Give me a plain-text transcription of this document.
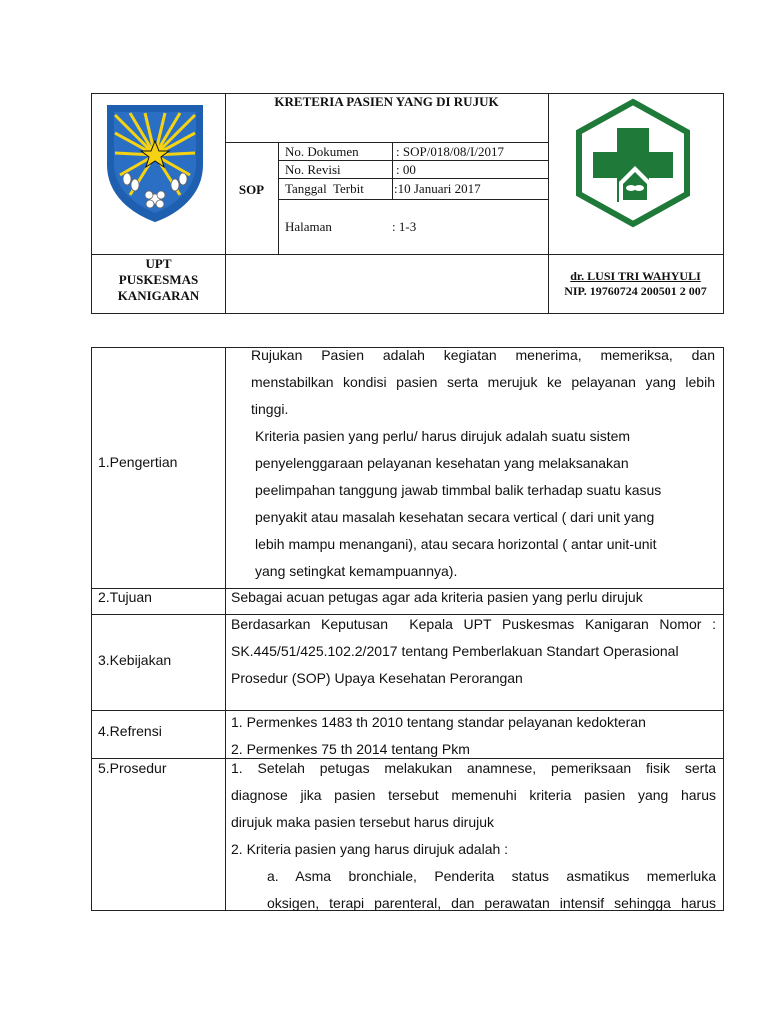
KRETERIA PASIEN YANG DI RUJUK
SOP
No. Dokumen	: SOP/018/08/I/2017
No. Revisi	: 00
Tanggal  Terbit :10 Januari 2017
Halaman	: 1-3
UPT
PUSKESMAS
KANIGARAN
dr. LUSI TRI WAHYULI
NIP. 19760724 200501 2 007
1.Pengertian
Rujukan  Pasien  adalah  kegiatan  menerima,  memeriksa,  dan
menstabilkan kondisi pasien serta merujuk ke pelayanan yang lebih
tinggi.
Kriteria pasien yang perlu/ harus dirujuk adalah suatu sistem
penyelenggaraan pelayanan kesehatan yang melaksanakan
peelimpahan tanggung jawab timmbal balik terhadap suatu kasus
penyakit atau masalah kesehatan secara vertical ( dari unit yang
lebih mampu menangani), atau secara horizontal ( antar unit-unit
yang setingkat kemampuannya).
2.Tujuan	Sebagai acuan petugas agar ada kriteria pasien yang perlu dirujuk
3.Kebijakan
Berdasarkan Keputusan  Kepala UPT Puskesmas Kanigaran Nomor :
SK.445/51/425.102.2/2017 tentang Pemberlakuan Standart Operasional
Prosedur (SOP) Upaya Kesehatan Perorangan
4.Refrensi
1. Permenkes 1483 th 2010 tentang standar pelayanan kedokteran
2. Permenkes 75 th 2014 tentang Pkm
5.Prosedur	1.  Setelah  petugas  melakukan  anamnese,  pemeriksaan  fisik  serta
diagnose jika pasien tersebut memenuhi kriteria pasien yang harus
dirujuk maka pasien tersebut harus dirujuk
2. Kriteria pasien yang harus dirujuk adalah :
a.  Asma  bronchiale,  Penderita  status  asmatikus  memerluka
oksigen, terapi parenteral, dan perawatan intensif sehingga harus
